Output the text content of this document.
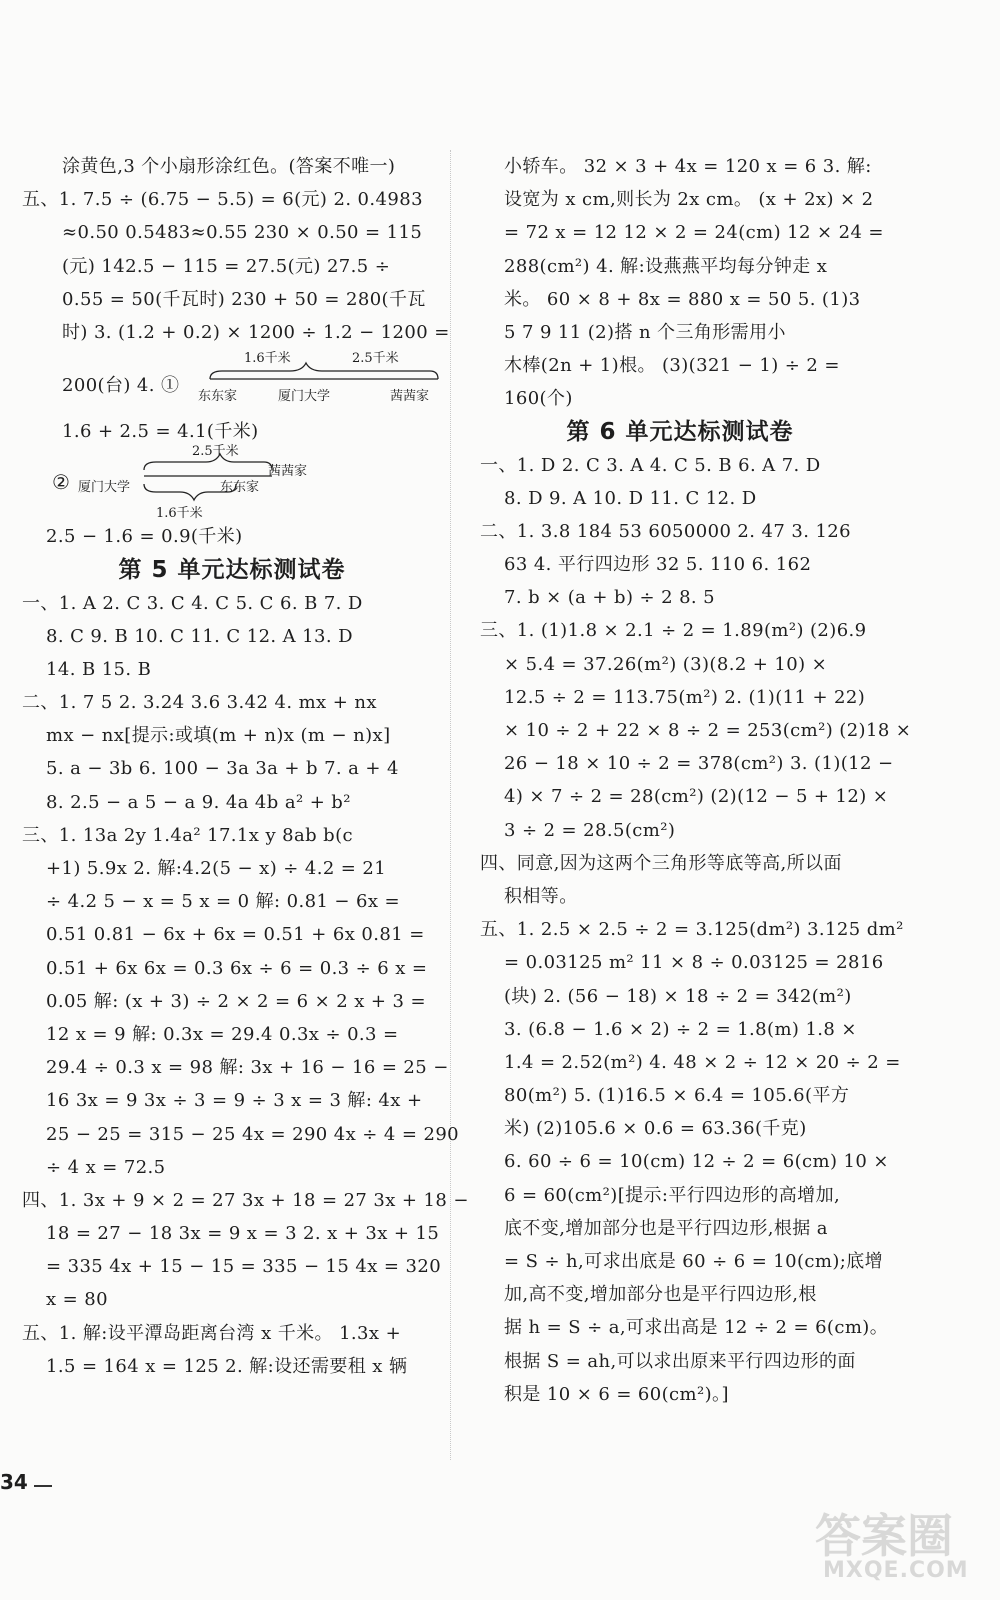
涂黄色,3 个小扇形涂红色。(答案不唯一)
五、1. 7.5 ÷ (6.75 − 5.5) = 6(元) 2. 0.4983
≈0.50 0.5483≈0.55 230 × 0.50 = 115
(元) 142.5 − 115 = 27.5(元) 27.5 ÷
0.55 = 50(千瓦时) 230 + 50 = 280(千瓦
时) 3. (1.2 + 0.2) × 1200 ÷ 1.2 − 1200 =
200(台) 4. ①
1.6千米	2.5千米
东东家	厦门大学	茜茜家
1.6 + 2.5 = 4.1(千米)
②
2.5千米
厦门大学	东东家
茜茜家
1.6千米
2.5 − 1.6 = 0.9(千米)
第 5 单元达标测试卷
一、1. A 2. C 3. C 4. C 5. C 6. B 7. D
8. C 9. B 10. C 11. C 12. A 13. D
14. B 15. B
二、1. 7 5 2. 3.24 3.6 3.42 4. mx + nx
mx − nx[提示:或填(m + n)x (m − n)x]
5. a − 3b 6. 100 − 3a 3a + b 7. a + 4
8. 2.5 − a 5 − a 9. 4a 4b a² + b²
三、1. 13a 2y 1.4a² 17.1x y 8ab b(c
+1) 5.9x 2. 解:4.2(5 − x) ÷ 4.2 = 21
÷ 4.2 5 − x = 5 x = 0 解: 0.81 − 6x =
0.51 0.81 − 6x + 6x = 0.51 + 6x 0.81 =
0.51 + 6x 6x = 0.3 6x ÷ 6 = 0.3 ÷ 6 x =
0.05 解: (x + 3) ÷ 2 × 2 = 6 × 2 x + 3 =
12 x = 9 解: 0.3x = 29.4 0.3x ÷ 0.3 =
29.4 ÷ 0.3 x = 98 解: 3x + 16 − 16 = 25 −
16 3x = 9 3x ÷ 3 = 9 ÷ 3 x = 3 解: 4x +
25 − 25 = 315 − 25 4x = 290 4x ÷ 4 = 290
÷ 4 x = 72.5
四、1. 3x + 9 × 2 = 27 3x + 18 = 27 3x + 18 −
18 = 27 − 18 3x = 9 x = 3 2. x + 3x + 15
= 335 4x + 15 − 15 = 335 − 15 4x = 320
x = 80
五、1. 解:设平潭岛距离台湾 x 千米。 1.3x +
1.5 = 164 x = 125 2. 解:设还需要租 x 辆
小轿车。 32 × 3 + 4x = 120 x = 6 3. 解:
设宽为 x cm,则长为 2x cm。 (x + 2x) × 2
= 72 x = 12 12 × 2 = 24(cm) 12 × 24 =
288(cm²) 4. 解:设燕燕平均每分钟走 x
米。 60 × 8 + 8x = 880 x = 50 5. (1)3
5 7 9 11 (2)搭 n 个三角形需用小
木棒(2n + 1)根。 (3)(321 − 1) ÷ 2 =
160(个)
第 6 单元达标测试卷
一、1. D 2. C 3. A 4. C 5. B 6. A 7. D
8. D 9. A 10. D 11. C 12. D
二、1. 3.8 184 53 6050000 2. 47 3. 126
63 4. 平行四边形 32 5. 110 6. 162
7. b × (a + b) ÷ 2 8. 5
三、1. (1)1.8 × 2.1 ÷ 2 = 1.89(m²) (2)6.9
× 5.4 = 37.26(m²) (3)(8.2 + 10) ×
12.5 ÷ 2 = 113.75(m²) 2. (1)(11 + 22)
× 10 ÷ 2 + 22 × 8 ÷ 2 = 253(cm²) (2)18 ×
26 − 18 × 10 ÷ 2 = 378(cm²) 3. (1)(12 −
4) × 7 ÷ 2 = 28(cm²) (2)(12 − 5 + 12) ×
3 ÷ 2 = 28.5(cm²)
四、同意,因为这两个三角形等底等高,所以面
积相等。
五、1. 2.5 × 2.5 ÷ 2 = 3.125(dm²) 3.125 dm²
= 0.03125 m² 11 × 8 ÷ 0.03125 = 2816
(块) 2. (56 − 18) × 18 ÷ 2 = 342(m²)
3. (6.8 − 1.6 × 2) ÷ 2 = 1.8(m) 1.8 ×
1.4 = 2.52(m²) 4. 48 × 2 ÷ 12 × 20 ÷ 2 =
80(m²) 5. (1)16.5 × 6.4 = 105.6(平方
米) (2)105.6 × 0.6 = 63.36(千克)
6. 60 ÷ 6 = 10(cm) 12 ÷ 2 = 6(cm) 10 ×
6 = 60(cm²)[提示:平行四边形的高增加,
底不变,增加部分也是平行四边形,根据 a
= S ÷ h,可求出底是 60 ÷ 6 = 10(cm);底增
加,高不变,增加部分也是平行四边形,根
据 h = S ÷ a,可求出高是 12 ÷ 2 = 6(cm)。
根据 S = ah,可以求出原来平行四边形的面
积是 10 × 6 = 60(cm²)。]
34
答案圈
MXQE.COM
